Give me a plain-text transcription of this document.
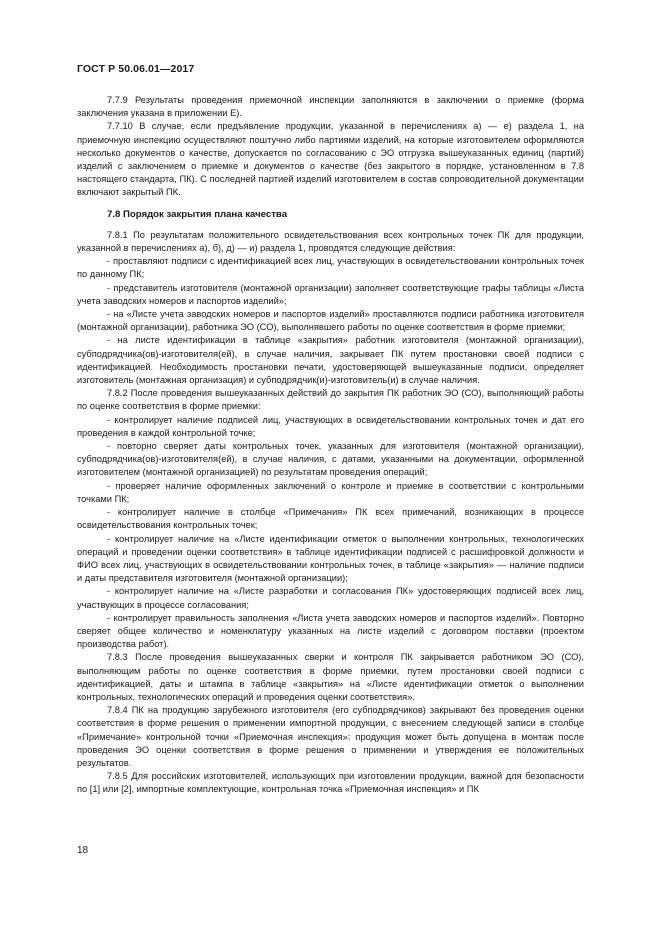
ГОСТ Р 50.06.01—2017

7.7.9 Результаты проведения приемочной инспекции заполняются в заключении о приемке (форма заключения указана в приложении Е).

7.7.10 В случае, если предъявление продукции, указанной в перечислениях а) — е) раздела 1, на приемочную инспекцию осуществляют поштучно либо партиями изделий, на которые изготовителем оформляются несколько документов о качестве, допускается по согласованию с ЭО отгрузка вышеуказанных единиц (партий) изделий с заключением о приемке и документов о качестве (без закрытого в порядке, установленном в 7.8 настоящего стандарта, ПК). С последней партией изделий изготовителем в состав сопроводительной документации включают закрытый ПК.

7.8 Порядок закрытия плана качества

7.8.1 По результатам положительного освидетельствования всех контрольных точек ПК для продукции, указанной в перечислениях а), б), д) — и) раздела 1, проводятся следующие действия:

- проставляют подписи с идентификацией всех лиц, участвующих в освидетельствовании контрольных точек по данному ПК;

- представитель изготовителя (монтажной организации) заполняет соответствующие графы таблицы «Листа учета заводских номеров и паспортов изделий»;

- на «Листе учета заводских номеров и паспортов изделий» проставляются подписи работника изготовителя (монтажной организации), работника ЭО (СО), выполнявшего работы по оценке соответствия в форме приемки;

- на листе идентификации в таблице «закрытия» работник изготовителя (монтажной организации), субподрядчика(ов)-изготовителя(ей), в случае наличия, закрывает ПК путем простановки своей подписи с идентификацией. Необходимость простановки печати, удостоверяющей вышеуказанные подписи, определяет изготовитель (монтажная организация) и субподрядчик(и)-изготовитель(и) в случае наличия.

7.8.2 После проведения вышеуказанных действий до закрытия ПК работник ЭО (СО), выполняющий работы по оценке соответствия в форме приемки:

- контролирует наличие подписей лиц, участвующих в освидетельствовании контрольных точек и дат его проведения в каждой контрольной точке;

- повторно сверяет даты контрольных точек, указанных для изготовителя (монтажной организации), субподрядчика(ов)-изготовителя(ей), в случае наличия, с датами, указанными на документации, оформленной изготовителем (монтажной организацией) по результатам проведения операций;

- проверяет наличие оформленных заключений о контроле и приемке в соответствии с контрольными точками ПК;

- контролирует наличие в столбце «Примечания» ПК всех примечаний, возникающих в процессе освидетельствования контрольных точек;

- контролирует наличие на «Листе идентификации отметок о выполнении контрольных, технологических операций и проведении оценки соответствия» в таблице идентификации подписей с расшифровкой должности и ФИО всех лиц, участвующих в освидетельствовании контрольных точек, в таблице «закрытия» — наличие подписи и даты представителя изготовителя (монтажной организации);

- контролирует наличие на «Листе разработки и согласования ПК» удостоверяющих подписей всех лиц, участвующих в процессе согласования;

- контролирует правильность заполнения «Листа учета заводских номеров и паспортов изделий». Повторно сверяет общее количество и номенклатуру указанных на листе изделий с договором поставки (проектом производства работ).

7.8.3 После проведения вышеуказанных сверки и контроля ПК закрывается работником ЭО (СО), выполняющим работы по оценке соответствия в форме приемки, путем простановки своей подписи с идентификацией, даты и штампа в таблице «закрытия» на «Листе идентификации отметок о выполнении контрольных, технологических операций и проведения оценки соответствия».

7.8.4 ПК на продукцию зарубежного изготовителя (его субподрядчиков) закрывают без проведения оценки соответствия в форме решения о применении импортной продукции, с внесением следующей записи в столбце «Примечание» контрольной точки «Приемочная инспекция»: продукция может быть допущена в монтаж после проведения ЭО оценки соответствия в форме решения о применении и утверждения ее положительных результатов.

7.8.5 Для российских изготовителей, использующих при изготовлении продукции, важной для безопасности по [1] или [2], импортные комплектующие, контрольная точка «Приемочная инспекция» и ПК

18
